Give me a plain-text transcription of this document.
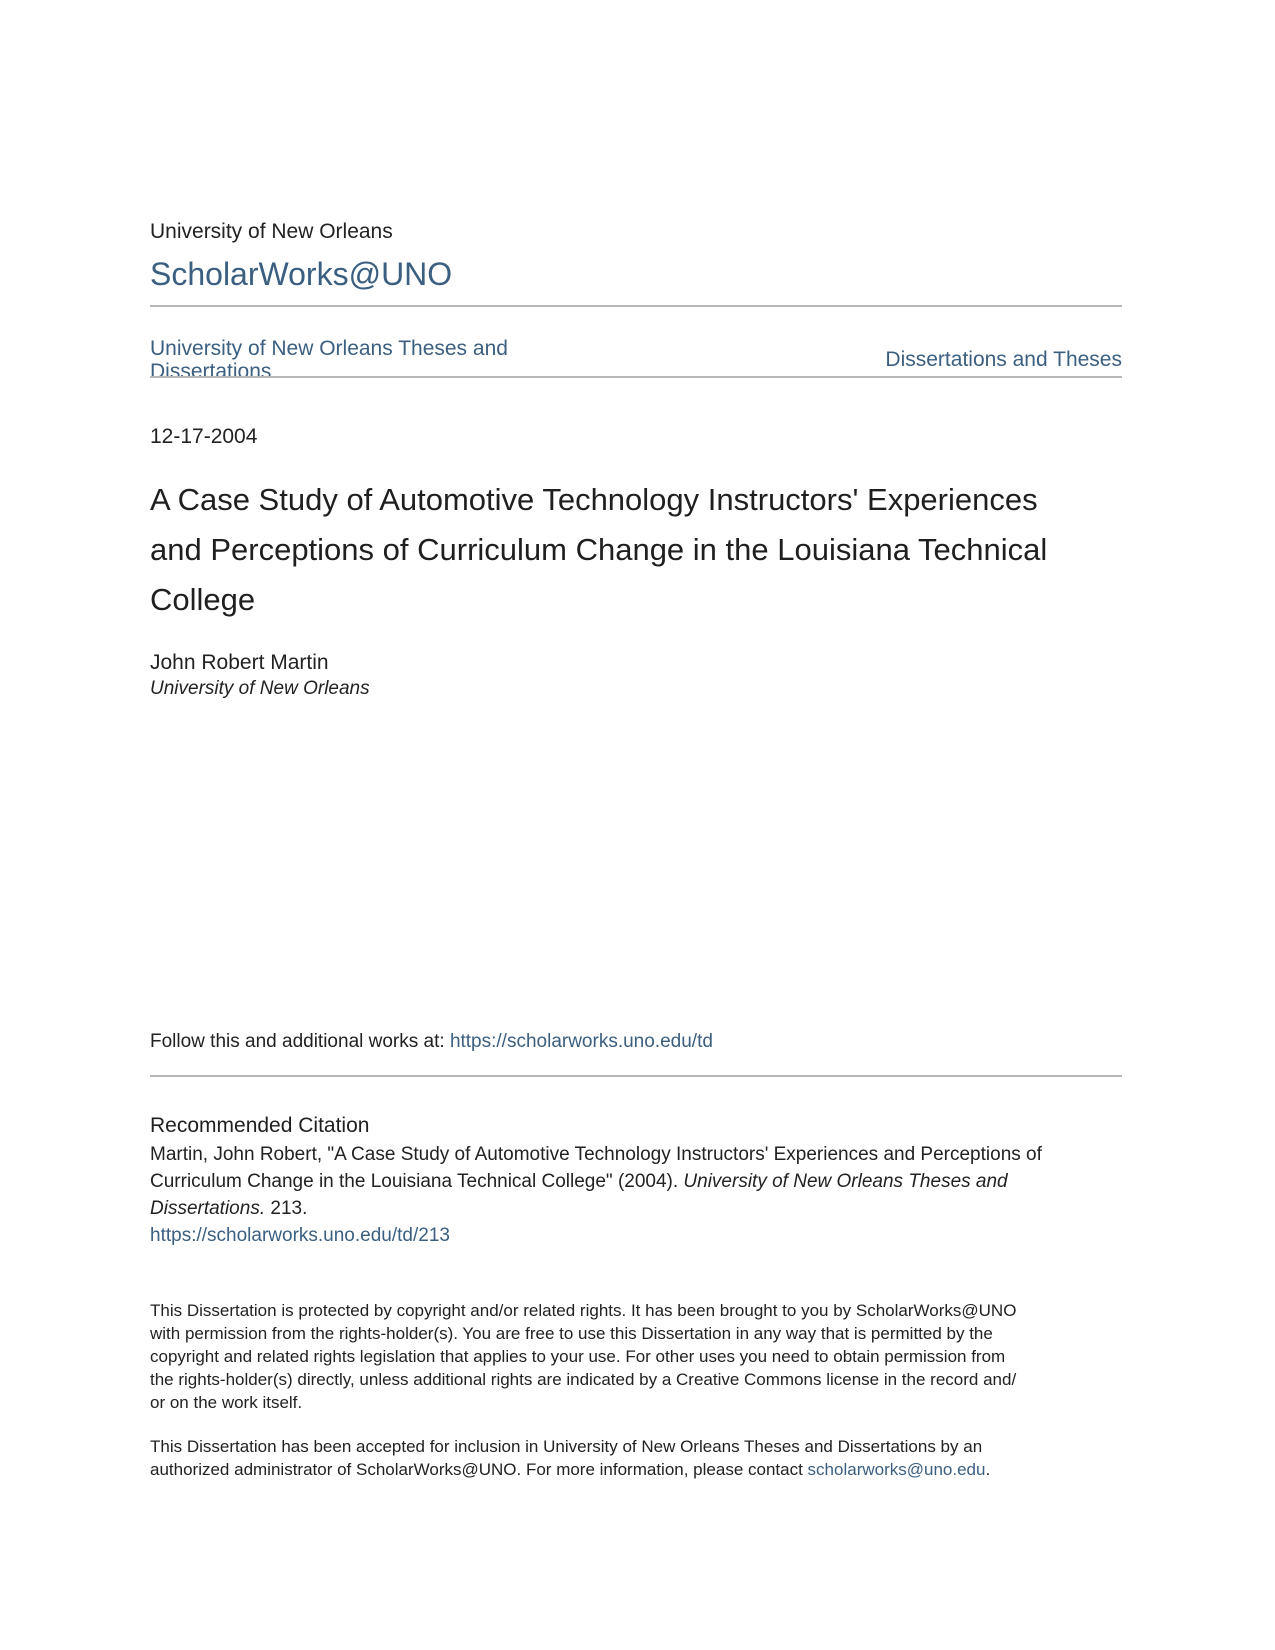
University of New Orleans
ScholarWorks@UNO
University of New Orleans Theses and
Dissertations
Dissertations and Theses
12-17-2004
A Case Study of Automotive Technology Instructors' Experiences
and Perceptions of Curriculum Change in the Louisiana Technical
College
John Robert Martin
University of New Orleans
Follow this and additional works at: https://scholarworks.uno.edu/td
Recommended Citation
Martin, John Robert, "A Case Study of Automotive Technology Instructors' Experiences and Perceptions of
Curriculum Change in the Louisiana Technical College" (2004). University of New Orleans Theses and
Dissertations. 213.
https://scholarworks.uno.edu/td/213
This Dissertation is protected by copyright and/or related rights. It has been brought to you by ScholarWorks@UNO
with permission from the rights-holder(s). You are free to use this Dissertation in any way that is permitted by the
copyright and related rights legislation that applies to your use. For other uses you need to obtain permission from
the rights-holder(s) directly, unless additional rights are indicated by a Creative Commons license in the record and/
or on the work itself.
This Dissertation has been accepted for inclusion in University of New Orleans Theses and Dissertations by an
authorized administrator of ScholarWorks@UNO. For more information, please contact scholarworks@uno.edu.
